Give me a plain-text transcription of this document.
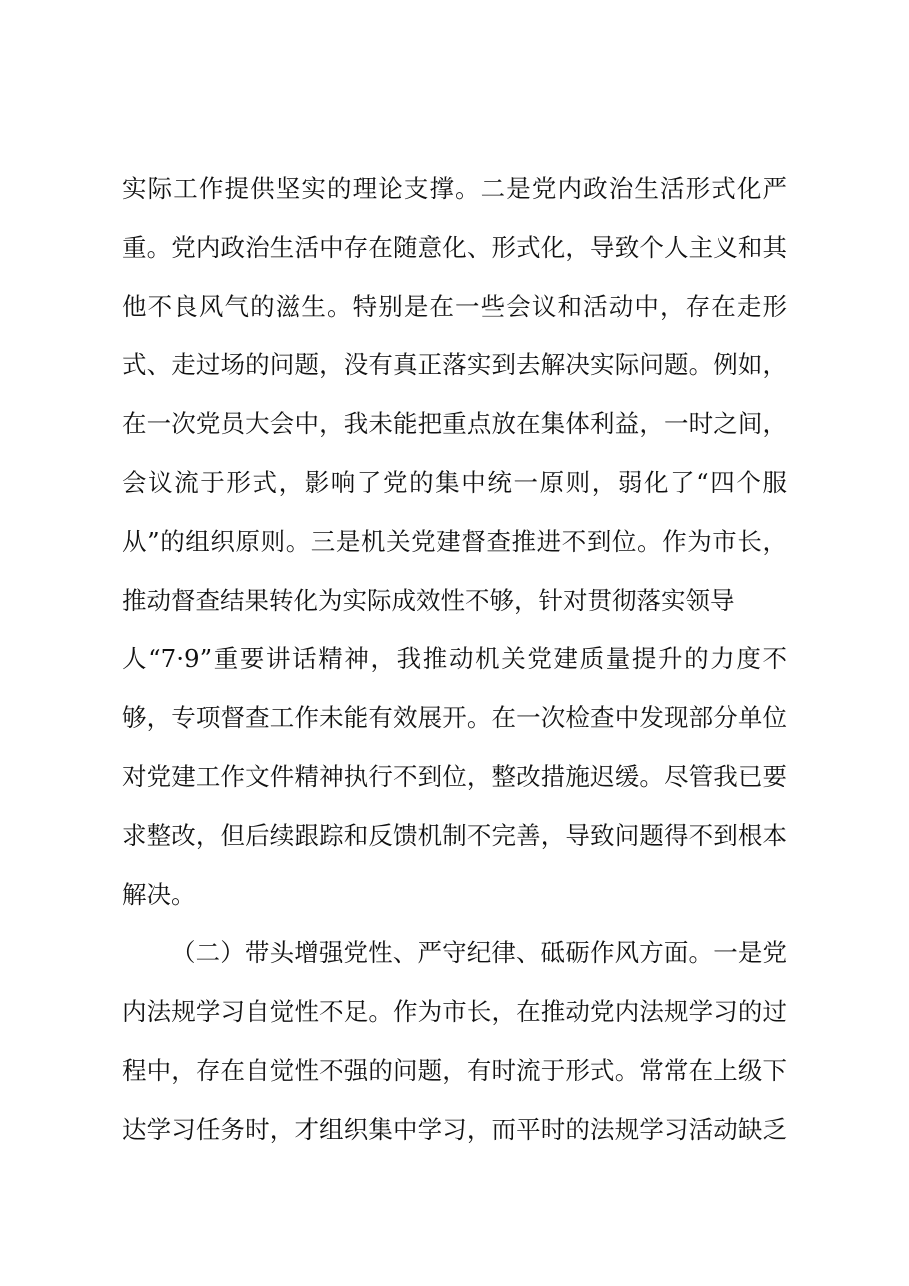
实际工作提供坚实的理论支撑。二是党内政治生活形式化严
重。党内政治生活中存在随意化、形式化，导致个人主义和其
他不良风气的滋生。特别是在一些会议和活动中，存在走形
式、走过场的问题，没有真正落实到去解决实际问题。例如，
在一次党员大会中，我未能把重点放在集体利益，一时之间，
会议流于形式，影响了党的集中统一原则，弱化了“四个服
从”的组织原则。三是机关党建督查推进不到位。作为市长，
推动督查结果转化为实际成效性不够，针对贯彻落实领导
人“7·9”重要讲话精神，我推动机关党建质量提升的力度不
够，专项督查工作未能有效展开。在一次检查中发现部分单位
对党建工作文件精神执行不到位，整改措施迟缓。尽管我已要
求整改，但后续跟踪和反馈机制不完善，导致问题得不到根本
解决。
（二）带头增强党性、严守纪律、砥砺作风方面。一是党
内法规学习自觉性不足。作为市长，在推动党内法规学习的过
程中，存在自觉性不强的问题，有时流于形式。常常在上级下
达学习任务时，才组织集中学习，而平时的法规学习活动缺乏
